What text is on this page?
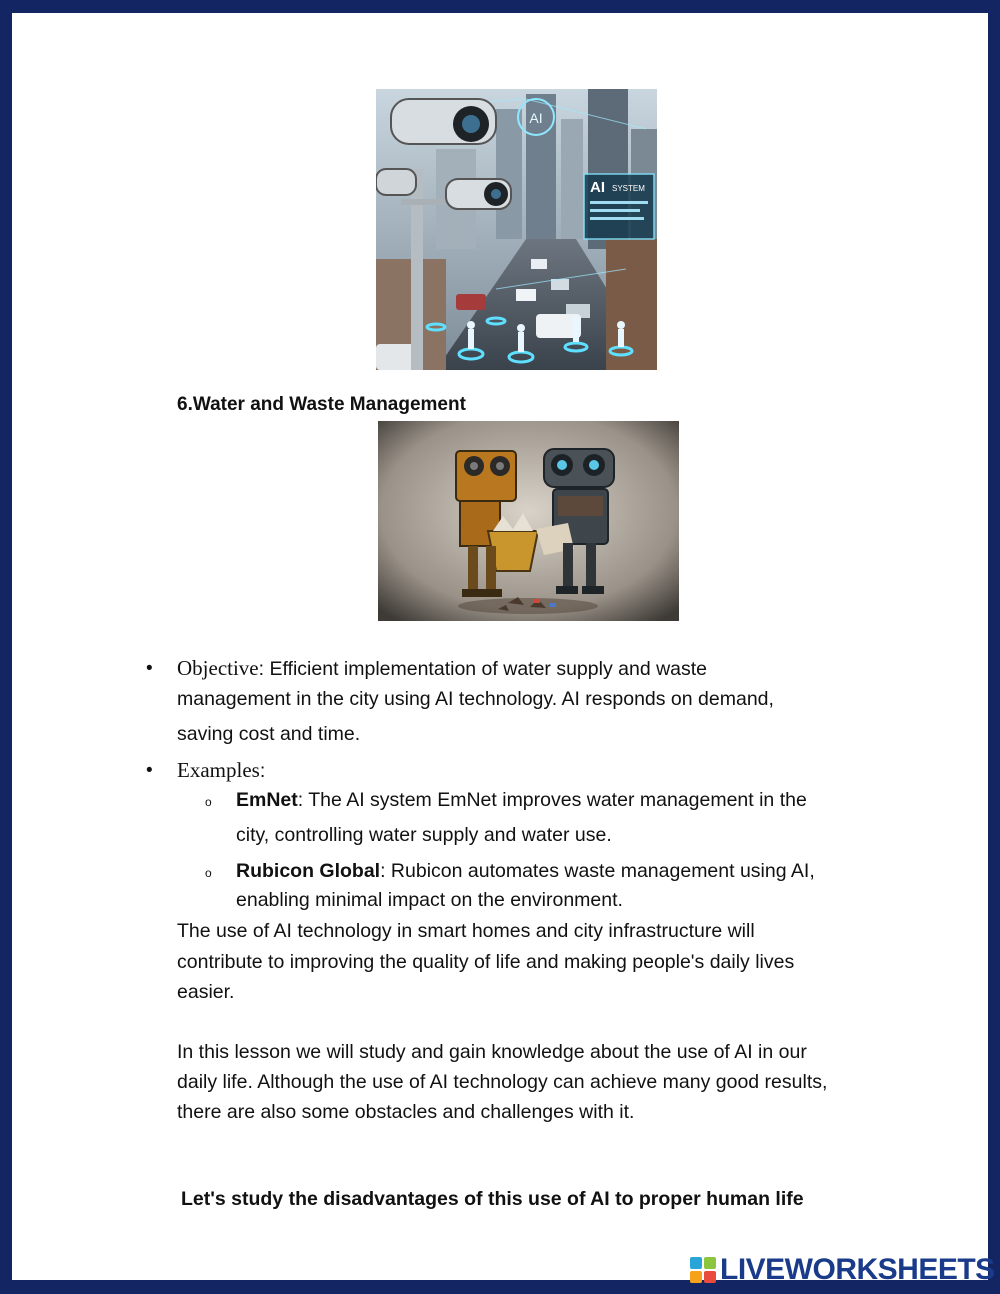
AI
AI SYSTEM
6.Water and Waste Management
• Objective: Efficient implementation of water supply and waste

management in the city using AI technology. AI responds on demand,

saving cost and time.

• Examples:

o EmNet: The AI system EmNet improves water management in the

city, controlling water supply and water use.

o Rubicon Global: Rubicon automates waste management using AI,

enabling minimal impact on the environment.

The use of AI technology in smart homes and city infrastructure will

contribute to improving the quality of life and making people's daily lives

easier.

In this lesson we will study and gain knowledge about the use of AI in our

daily life. Although the use of AI technology can achieve many good results,

there are also some obstacles and challenges with it.

Let's study the disadvantages of this use of AI to proper human life

LIVEWORKSHEETS
